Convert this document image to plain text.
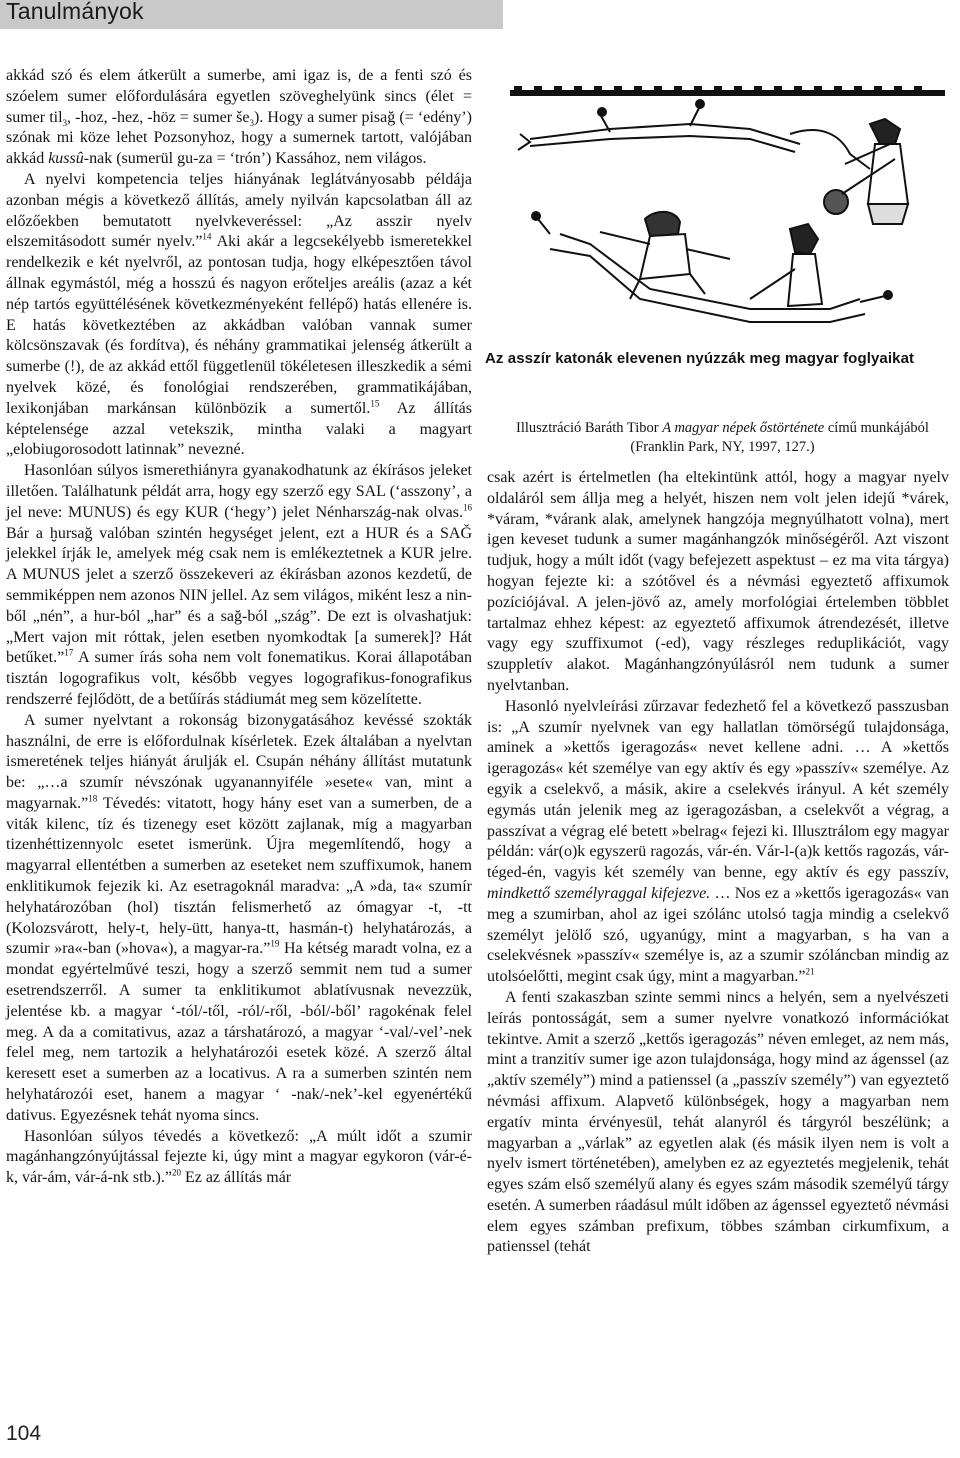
Tanulmányok

akkád szó és elem átkerült a sumerbe, ami igaz is, de a fenti szó és szóelem sumer előfordulására egyetlen szöveghelyünk sincs (élet = sumer til$_3$, -hoz, -hez, -höz = sumer $še_3$). Hogy a sumer pisağ (= ‘edény’) szónak mi köze lehet Pozsonyhoz, hogy a sumernek tartott, valójában akkád kussû-nak (sumerül gu-za = ‘trón’) Kassához, nem világos.

A nyelvi kompetencia teljes hiányának leglátványosabb példája azonban mégis a következő állítás, amely nyilván kapcsolatban áll az előzőekben bemutatott nyelvkeveréssel: „Az asszir nyelv elszemitásodott sumér nyelv.”$^{14}$ Aki akár a legcsekélyebb ismeretekkel rendelkezik e két nyelvről, az pontosan tudja, hogy elképesztően távol állnak egymástól, még a hosszú és nagyon erőteljes areális (azaz a két nép tartós együttélésének következményeként fellépő) hatás ellenére is. E hatás következtében az akkádban valóban vannak sumer kölcsönszavak (és fordítva), és néhány grammatikai jelenség átkerült a sumerbe (!), de az akkád ettől függetlenül tökéletesen illeszkedik a sémi nyelvek közé, és fonológiai rendszerében, grammatikájában, lexikonjában markánsan különbözik a sumertől.$^{15}$ Az állítás képtelensége azzal vetekszik, mintha valaki a magyart „elobiugorosodott latinnak” nevezné.

Hasonlóan súlyos ismerethiányra gyanakodhatunk az ékírásos jeleket illetően. Találhatunk példát arra, hogy egy szerző egy SAL (‘asszony’, a jel neve: MUNUS) és egy KUR (‘hegy’) jelet Nénharszág-nak olvas.$^{16}$ Bár a ḫursağ valóban szintén hegységet jelent, ezt a HUR és a SAǦ jelekkel írják le, amelyek még csak nem is emlékeztetnek a KUR jelre. A MUNUS jelet a szerző összekeveri az ékírásban azonos kezdetű, de semmiképpen nem azonos NIN jellel. Az sem világos, miként lesz a nin-ből „nén”, a hur-ból „har” és a sağ-ból „szág”. De ezt is olvashatjuk: „Mert vajon mit róttak, jelen esetben nyomkodtak [a sumerek]? Hát betűket.”$^{17}$ A sumer írás soha nem volt fonematikus. Korai állapotában tisztán logografikus volt, később vegyes logografikus-fonografikus rendszerré fejlődött, de a betűírás stádiumát meg sem közelítette.

A sumer nyelvtant a rokonság bizonygatásához kevéssé szokták használni, de erre is előfordulnak kísérletek. Ezek általában a nyelvtan ismeretének teljes hiányát árulják el. Csupán néhány állítást mutatunk be: „…a szumír névszónak ugyanannyiféle »esete« van, mint a magyarnak.”$^{18}$ Tévedés: vitatott, hogy hány eset van a sumerben, de a viták kilenc, tíz és tizenegy eset között zajlanak, míg a magyarban tizenhéttizennyolc esetet ismerünk. Újra megemlítendő, hogy a magyarral ellentétben a sumerben az eseteket nem szuffixumok, hanem enklitikumok fejezik ki. Az esetragoknál maradva: „A »da, ta« szumír helyhatározóban (hol) tisztán felismerhető az ómagyar -t, -tt (Kolozsvárott, hely-t, hely-ütt, hanya-tt, hasmán-t) helyhatározás, a szumir »ra«-ban (»hova«), a magyar-ra.”$^{19}$ Ha kétség maradt volna, ez a mondat egyértelművé teszi, hogy a szerző semmit nem tud a sumer esetrendszerről. A sumer ta enklitikumot ablatívusnak nevezzük, jelentése kb. a magyar ‘-tól/-től, -ról/-ről, -ból/-ből’ ragokénak felel meg. A da a comitativus, azaz a társhatározó, a magyar ‘-val/-vel’-nek felel meg, nem tartozik a helyhatározói esetek közé. A szerző által keresett eset a sumerben az a locativus. A ra a sumerben szintén nem helyhatározói eset, hanem a magyar ‘ -nak/-nek’-kel egyenértékű dativus. Egyezésnek tehát nyoma sincs.

Hasonlóan súlyos tévedés a következő: „A múlt időt a szumir magánhangzónyújtással fejezte ki, úgy mint a magyar egykoron (vár-é-k, vár-ám, vár-á-nk stb.).”$^{20}$ Ez az állítás már

Az asszír katonák elevenen nyúzzák meg magyar foglyaikat
Illusztráció Baráth Tibor A magyar népek őstörténete című munkájából (Franklin Park, NY, 1997, 127.)

csak azért is értelmetlen (ha eltekintünk attól, hogy a magyar nyelv oldaláról sem állja meg a helyét, hiszen nem volt jelen idejű *várek, *váram, *várank alak, amelynek hangzója megnyúlhatott volna), mert igen keveset tudunk a sumer magánhangzók minőségéről. Azt viszont tudjuk, hogy a múlt időt (vagy befejezett aspektust – ez ma vita tárgya) hogyan fejezte ki: a szótővel és a névmási egyeztető affixumok pozíciójával. A jelen-jövő az, amely morfológiai értelemben többlet tartalmaz ehhez képest: az egyeztető affixumok átrendezését, illetve vagy egy szuffixumot (-ed), vagy részleges reduplikációt, vagy szuppletív alakot. Magánhangzónyúlásról nem tudunk a sumer nyelvtanban.

Hasonló nyelvleírási zűrzavar fedezhető fel a következő passzusban is: „A szumír nyelvnek van egy hallatlan tömörségű tulajdonsága, aminek a »kettős igeragozás« nevet kellene adni. … A »kettős igeragozás« két személye van egy aktív és egy »passzív« személye. Az egyik a cselekvő, a másik, akire a cselekvés irányul. A két személy egymás után jelenik meg az igeragozásban, a cselekvőt a végrag, a passzívat a végrag elé betett »belrag« fejezi ki. Illusztrálom egy magyar példán: vár(o)k egyszerü ragozás, vár-én. Vár-l-(a)k kettős ragozás, vár-téged-én, vagyis két személy van benne, egy aktív és egy passzív, mindkettő személyraggal kifejezve. … Nos ez a »kettős igeragozás« van meg a szumirban, ahol az igei szólánc utolsó tagja mindig a cselekvő személyt jelölő szó, ugyanúgy, mint a magyarban, s ha van a cselekvésnek »passzív« személye is, az a szumir szóláncban mindig az utolsóelőtti, megint csak úgy, mint a magyarban.”$^{21}$

A fenti szakaszban szinte semmi nincs a helyén, sem a nyelvészeti leírás pontosságát, sem a sumer nyelvre vonatkozó információkat tekintve. Amit a szerző „kettős igeragozás” néven emleget, az nem más, mint a tranzitív sumer ige azon tulajdonsága, hogy mind az ágenssel (az „aktív személy”) mind a patienssel (a „passzív személy”) van egyeztető névmási affixum. Alapvető különbségek, hogy a magyarban nem ergatív minta érvényesül, tehát alanyról és tárgyról beszélünk; a magyarban a „várlak” az egyetlen alak (és másik ilyen nem is volt a nyelv ismert történetében), amelyben ez az egyeztetés megjelenik, tehát egyes szám első személyű alany és egyes szám második személyű tárgy esetén. A sumerben ráadásul múlt időben az ágenssel egyeztető névmási elem egyes számban prefixum, többes számban cirkumfixum, a patienssel (tehát

104
